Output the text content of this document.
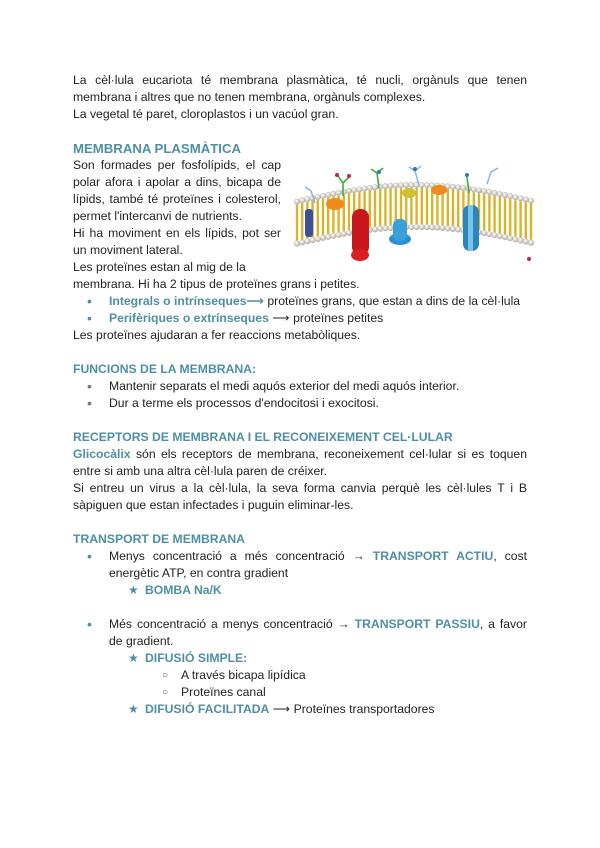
La cèl·lula eucariota té membrana plasmàtica, té nucli, orgànuls que tenen membrana i altres que no tenen membrana, orgànuls complexes.

La vegetal té paret, cloroplastos i un vacúol gran.

MEMBRANA PLASMÀTICA

Son formades per fosfolípids, el cap polar afora i apolar a dins, bicapa de lípids, també té proteïnes i colesterol, permet l'intercanvi de nutrients.

Hi ha moviment en els lípids, pot ser un moviment lateral.

Les proteïnes estan al mig de la membrana. Hi ha 2 tipus de proteïnes grans i petites.

• Integrals o intrínseques⟶ proteïnes grans, que estan a dins de la cèl·lula
• Perifèriques o extrínseques ⟶ proteïnes petites

Les proteïnes ajudaran a fer reaccions metabòliques.

FUNCIONS DE LA MEMBRANA:

• Mantenir separats el medi aquós exterior del medi aquós interior.
• Dur a terme els processos d'endocitosi i exocitosi.

RECEPTORS DE MEMBRANA I EL RECONEIXEMENT CEL·LULAR

Glicocàlix són els receptors de membrana, reconeixement cel·lular si es toquen entre si amb una altra cèl·lula paren de créixer.

Si entreu un virus a la cèl·lula, la seva forma canvia perquè les cèl·lules T i B sàpiguen que estan infectades i puguin eliminar-les.

TRANSPORT DE MEMBRANA

• Menys concentració a més concentració → TRANSPORT ACTIU, cost energètic ATP, en contra gradient
★ BOMBA Na/K
• Més concentració a menys concentració → TRANSPORT PASSIU, a favor de gradient.
★ DIFUSIÓ SIMPLE:
○ A través bicapa lipídica
○ Proteïnes canal
★ DIFUSIÓ FACILITADA ⟶ Proteïnes transportadores
